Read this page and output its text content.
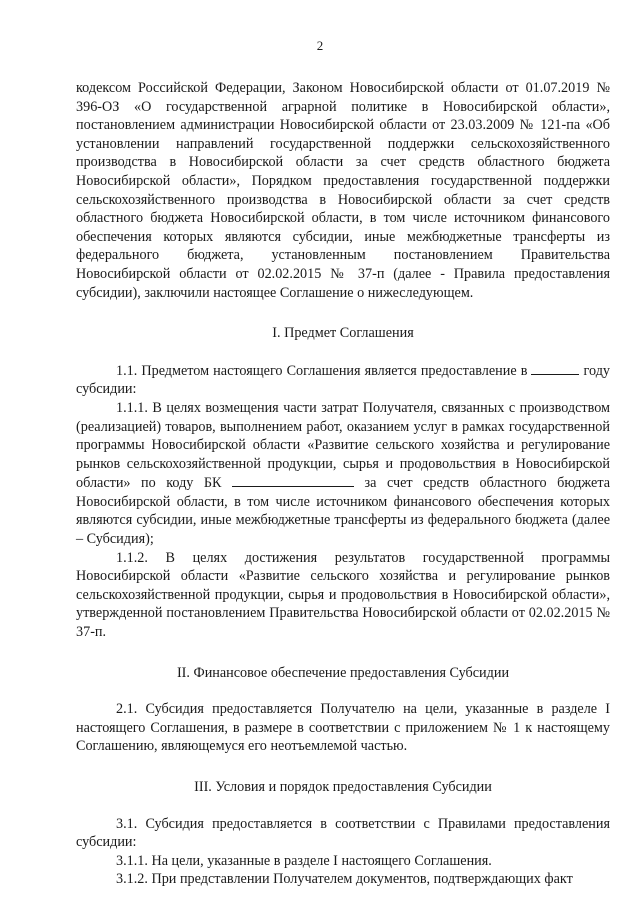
2

кодексом Российской Федерации, Законом Новосибирской области от 01.07.2019 № 396-ОЗ «О государственной аграрной политике в Новосибирской области», постановлением администрации Новосибирской области от 23.03.2009 № 121-па «Об установлении направлений государственной поддержки сельскохозяйственного производства в Новосибирской области за счет средств областного бюджета Новосибирской области», Порядком предоставления государственной поддержки сельскохозяйственного производства в Новосибирской области за счет средств областного бюджета Новосибирской области, в том числе источником финансового обеспечения которых являются субсидии, иные межбюджетные трансферты из федерального бюджета, установленным постановлением Правительства Новосибирской области от 02.02.2015 № 37-п (далее - Правила предоставления субсидии), заключили настоящее Соглашение о нижеследующем.

I. Предмет Соглашения

1.1. Предметом настоящего Соглашения является предоставление в	году субсидии:

1.1.1. В целях возмещения части затрат Получателя, связанных с производством (реализацией) товаров, выполнением работ, оказанием услуг в рамках государственной программы Новосибирской области «Развитие сельского хозяйства и регулирование рынков сельскохозяйственной продукции, сырья и продовольствия в Новосибирской области» по коду БК	за счет средств областного бюджета Новосибирской области, в том числе источником финансового обеспечения которых являются субсидии, иные межбюджетные трансферты из федерального бюджета (далее – Субсидия);

1.1.2. В целях достижения результатов государственной программы Новосибирской области «Развитие сельского хозяйства и регулирование рынков сельскохозяйственной продукции, сырья и продовольствия в Новосибирской области», утвержденной постановлением Правительства Новосибирской области от 02.02.2015 № 37-п.

II. Финансовое обеспечение предоставления Субсидии

2.1. Субсидия предоставляется Получателю на цели, указанные в разделе I настоящего Соглашения, в размере в соответствии с приложением № 1 к настоящему Соглашению, являющемуся его неотъемлемой частью.

III. Условия и порядок предоставления Субсидии

3.1. Субсидия предоставляется в соответствии с Правилами предоставления субсидии:

3.1.1. На цели, указанные в разделе I настоящего Соглашения.

3.1.2. При представлении Получателем документов, подтверждающих факт
